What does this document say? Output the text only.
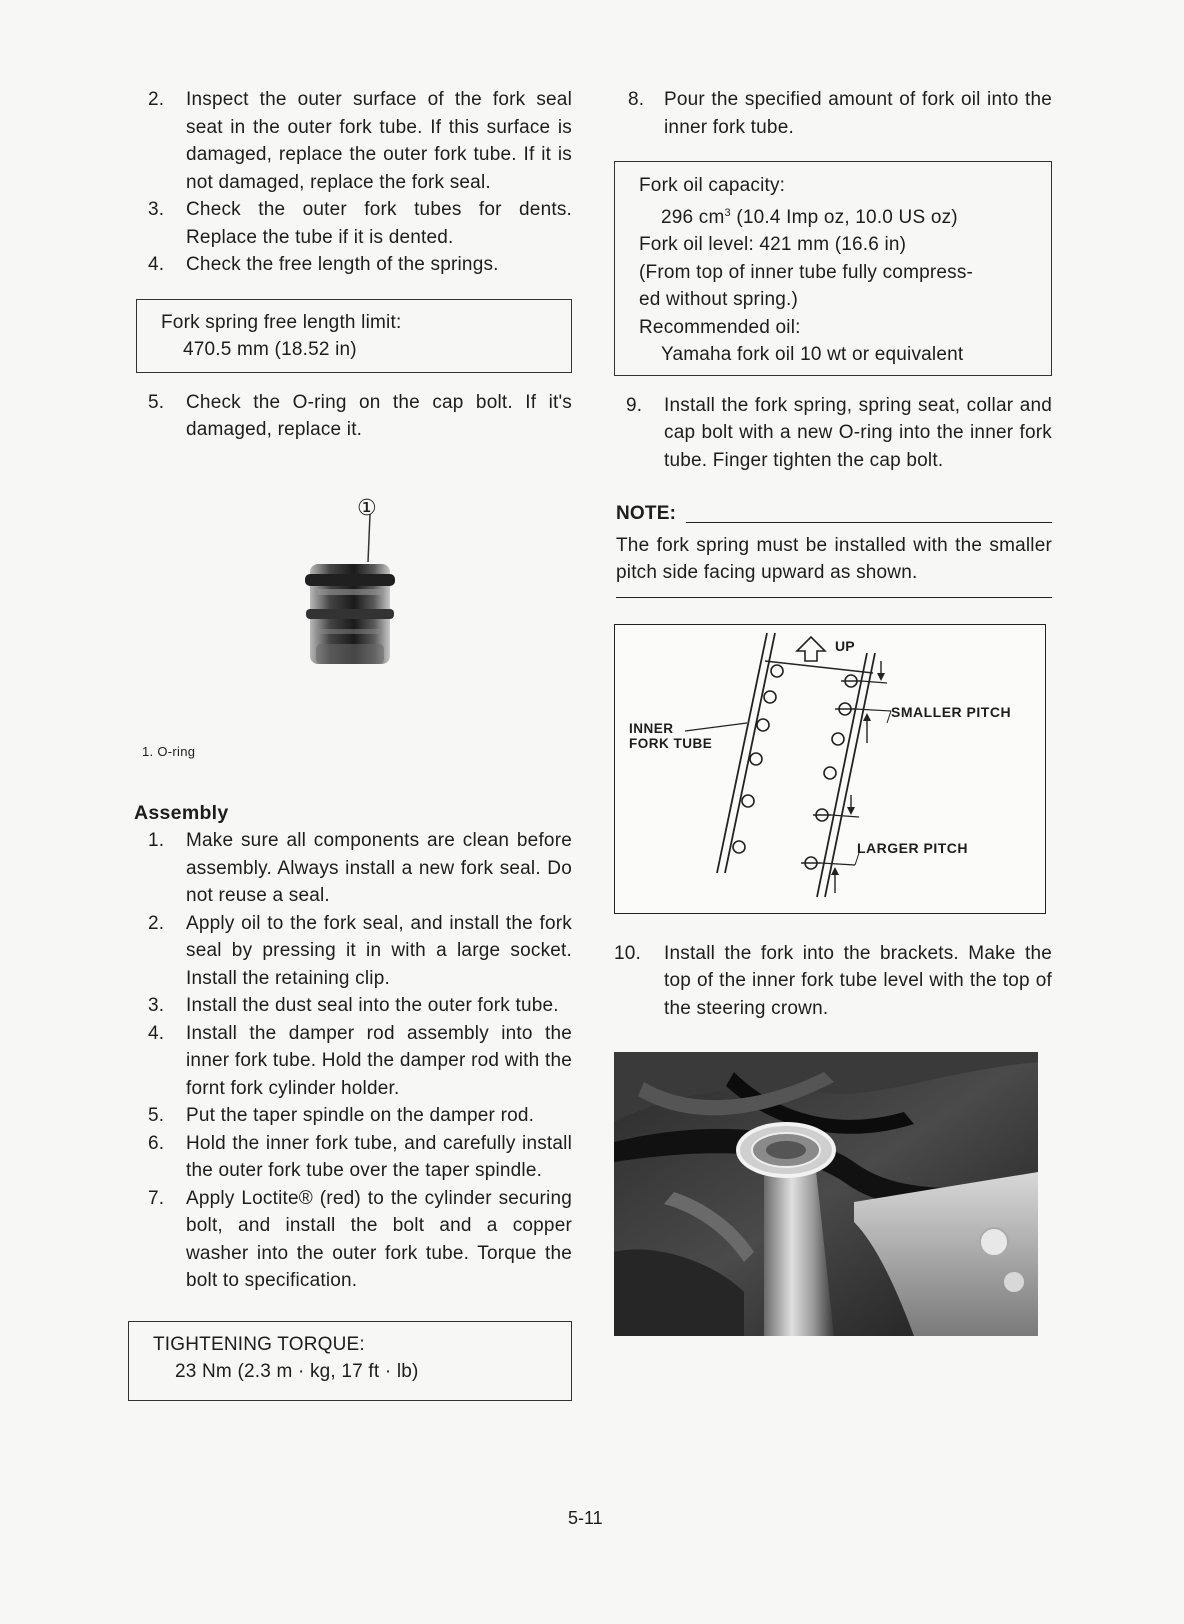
2. Inspect the outer surface of the fork seal seat in the outer fork tube. If this surface is damaged, replace the outer fork tube. If it is not damaged, replace the fork seal.
3. Check the outer fork tubes for dents. Replace the tube if it is dented.
4. Check the free length of the springs.
Fork spring free length limit:
470.5 mm (18.52 in)
5. Check the O-ring on the cap bolt. If it's damaged, replace it.
①
1. O-ring
Assembly
1. Make sure all components are clean before assembly. Always install a new fork seal. Do not reuse a seal.
2. Apply oil to the fork seal, and install the fork seal by pressing it in with a large socket. Install the retaining clip.
3. Install the dust seal into the outer fork tube.
4. Install the damper rod assembly into the inner fork tube. Hold the damper rod with the fornt fork cylinder holder.
5. Put the taper spindle on the damper rod.
6. Hold the inner fork tube, and carefully install the outer fork tube over the taper spindle.
7. Apply Loctite® (red) to the cylinder securing bolt, and install the bolt and a copper washer into the outer fork tube. Torque the bolt to specification.
TIGHTENING TORQUE:
23 Nm (2.3 m · kg, 17 ft · lb)
8. Pour the specified amount of fork oil into the inner fork tube.
Fork oil capacity:
296 $cm^3$ (10.4 Imp oz, 10.0 US oz)
Fork oil level: 421 mm (16.6 in)
(From top of inner tube fully compress-
ed without spring.)
Recommended oil:
Yamaha fork oil 10 wt or equivalent
9. Install the fork spring, spring seat, collar and cap bolt with a new O-ring into the inner fork tube. Finger tighten the cap bolt.
NOTE:
The fork spring must be installed with the smaller pitch side facing upward as shown.
UP
SMALLER PITCH
LARGER PITCH
INNER
FORK TUBE
10. Install the fork into the brackets. Make the top of the inner fork tube level with the top of the steering crown.
5-11
